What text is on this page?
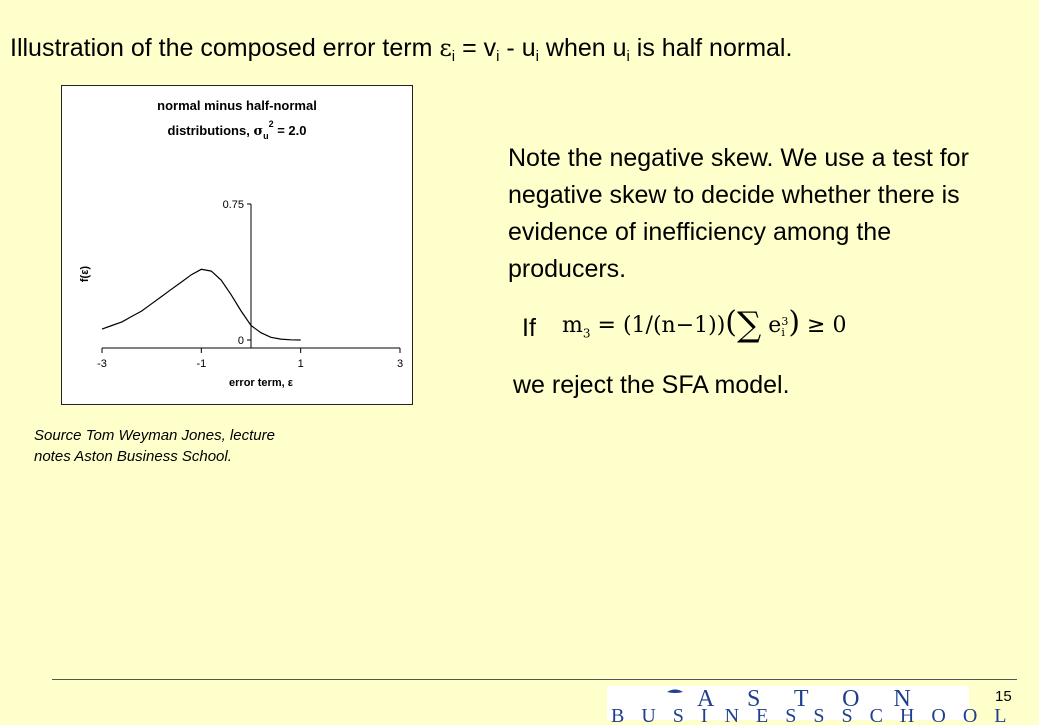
Illustration of the composed error term $\varepsilon_i = v_i - u_i$ when $u_i$ is half normal.
normal minus half-normal
distributions, $\sigma_u^2 = 2.0$
f(ε)
error term, ε
-3	-1	1	3
0
0.75
Note the negative skew. We use a test for negative skew to decide whether there is evidence of inefficiency among the producers.
If $m_3 = (1/(n-1))(\sum$ e3
i ) ≥ 0
we reject the SFA model.
Source Tom Weyman Jones, lecture
notes Aston Business School.
15
A S T O N
B U S I N E S S S C H O O L
